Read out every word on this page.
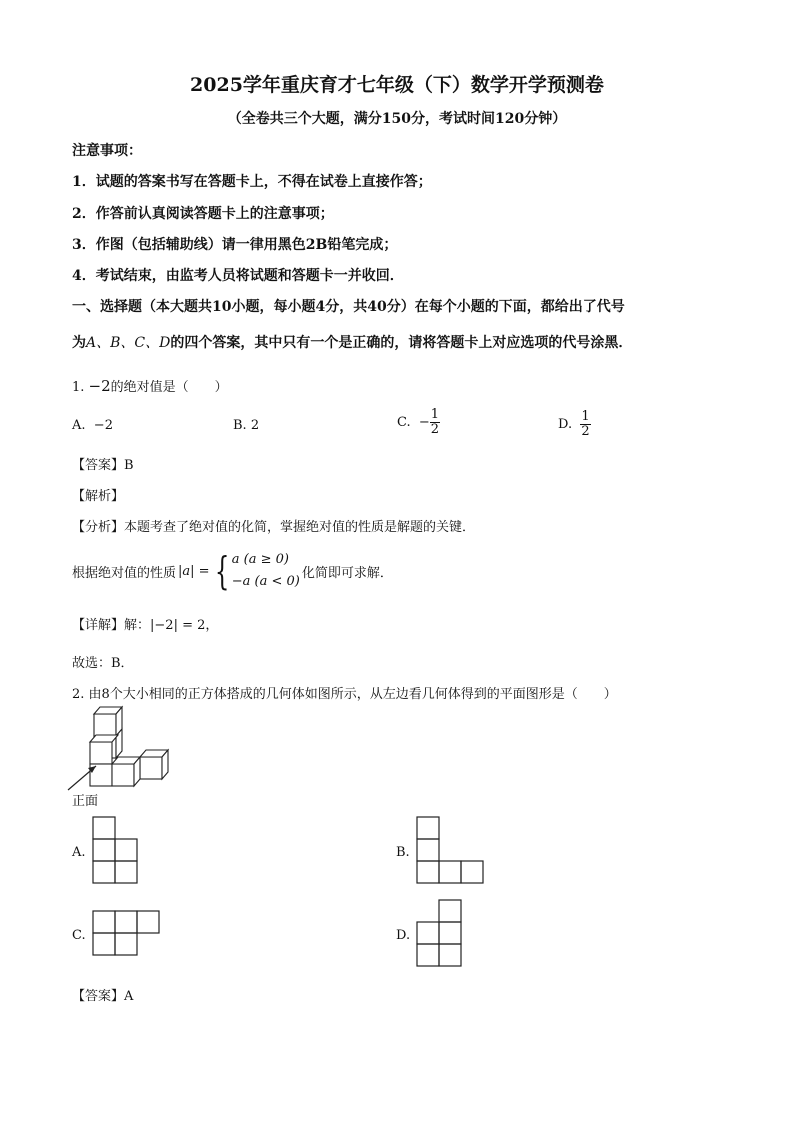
2025学年重庆育才七年级（下）数学开学预测卷
（全卷共三个大题，满分150分，考试时间120分钟）
注意事项：
1．试题的答案书写在答题卡上，不得在试卷上直接作答；
2．作答前认真阅读答题卡上的注意事项；
3．作图（包括辅助线）请一律用黑色2B铅笔完成；
4．考试结束，由监考人员将试题和答题卡一并收回．
一、选择题（本大题共10小题，每小题4分，共40分）在每个小题的下面，都给出了代号
为A、B、C、D的四个答案，其中只有一个是正确的，请将答题卡上对应选项的代号涂黑．
1. −2的绝对值是（　　）
A. −2	B. 2	C. − $\frac{1}{2}$	D. $\frac{1}{2}$
【答案】B
【解析】
【分析】本题考查了绝对值的化简，掌握绝对值的性质是解题的关键．
根据绝对值的性质 |a| = { a (a ≥ 0)
−a (a < 0)
化简即可求解．
【详解】解：|−2| = 2，
故选：B．
2. 由8个大小相同的正方体搭成的几何体如图所示，从左边看几何体得到的平面图形是（　　）
正面
A.	B.
C.	D.
【答案】A
